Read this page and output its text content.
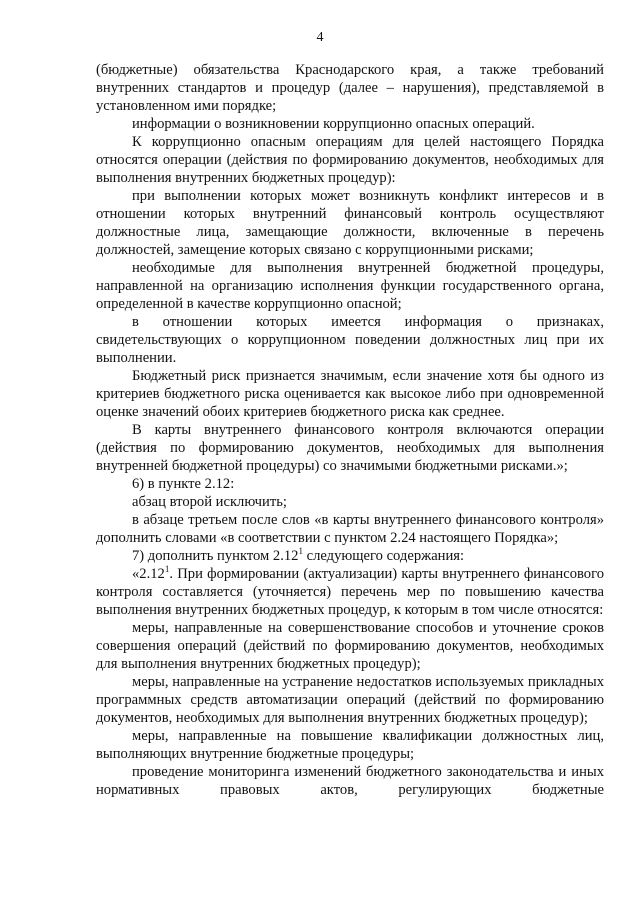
4

(бюджетные) обязательства Краснодарского края, а также требований внутренних стандартов и процедур (далее – нарушения), представляемой в установленном ими порядке;

информации о возникновении коррупционно опасных операций.

К коррупционно опасным операциям для целей настоящего Порядка относятся операции (действия по формированию документов, необходимых для выполнения внутренних бюджетных процедур):

при выполнении которых может возникнуть конфликт интересов и в отношении которых внутренний финансовый контроль осуществляют должностные лица, замещающие должности, включенные в перечень должностей, замещение которых связано с коррупционными рисками;

необходимые для выполнения внутренней бюджетной процедуры, направленной на организацию исполнения функции государственного органа, определенной в качестве коррупционно опасной;

в отношении которых имеется информация о признаках, свидетельствующих о коррупционном поведении должностных лиц при их выполнении.

Бюджетный риск признается значимым, если значение хотя бы одного из критериев бюджетного риска оценивается как высокое либо при одновременной оценке значений обоих критериев бюджетного риска как среднее.

В карты внутреннего финансового контроля включаются операции (действия по формированию документов, необходимых для выполнения внутренней бюджетной процедуры) со значимыми бюджетными рисками.»;

6) в пункте 2.12:

абзац второй исключить;

в абзаце третьем после слов «в карты внутреннего финансового контроля» дополнить словами «в соответствии с пунктом 2.24 настоящего Порядка»;

7) дополнить пунктом 2.12$^1$ следующего содержания:

«2.12$^1$. При формировании (актуализации) карты внутреннего финансового контроля составляется (уточняется) перечень мер по повышению качества выполнения внутренних бюджетных процедур, к которым в том числе относятся:

меры, направленные на совершенствование способов и уточнение сроков совершения операций (действий по формированию документов, необходимых для выполнения внутренних бюджетных процедур);

меры, направленные на устранение недостатков используемых прикладных программных средств автоматизации операций (действий по формированию документов, необходимых для выполнения внутренних бюджетных процедур);

меры, направленные на повышение квалификации должностных лиц, выполняющих внутренние бюджетные процедуры;

проведение мониторинга изменений бюджетного законодательства и иных нормативных правовых актов, регулирующих бюджетные
